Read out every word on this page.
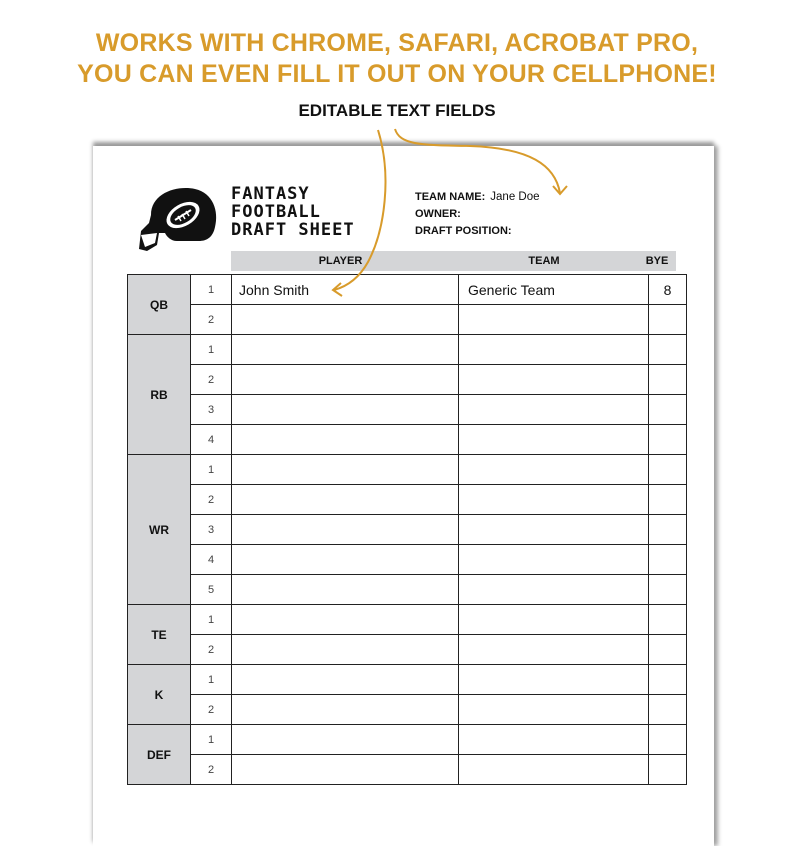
WORKS WITH CHROME, SAFARI, ACROBAT PRO,
YOU CAN EVEN FILL IT OUT ON YOUR CELLPHONE!
EDITABLE TEXT FIELDS
FANTASY
FOOTBALL
DRAFT SHEET
TEAM NAME: Jane Doe
OWNER:
DRAFT POSITION:
PLAYER	TEAM	BYE
QB	1	John Smith	Generic Team	8
	2			
RB	1			
	2			
	3			
	4			
WR	1			
	2			
	3			
	4			
	5			
TE	1			
	2			
K	1			
	2			
DEF	1			
	2			
